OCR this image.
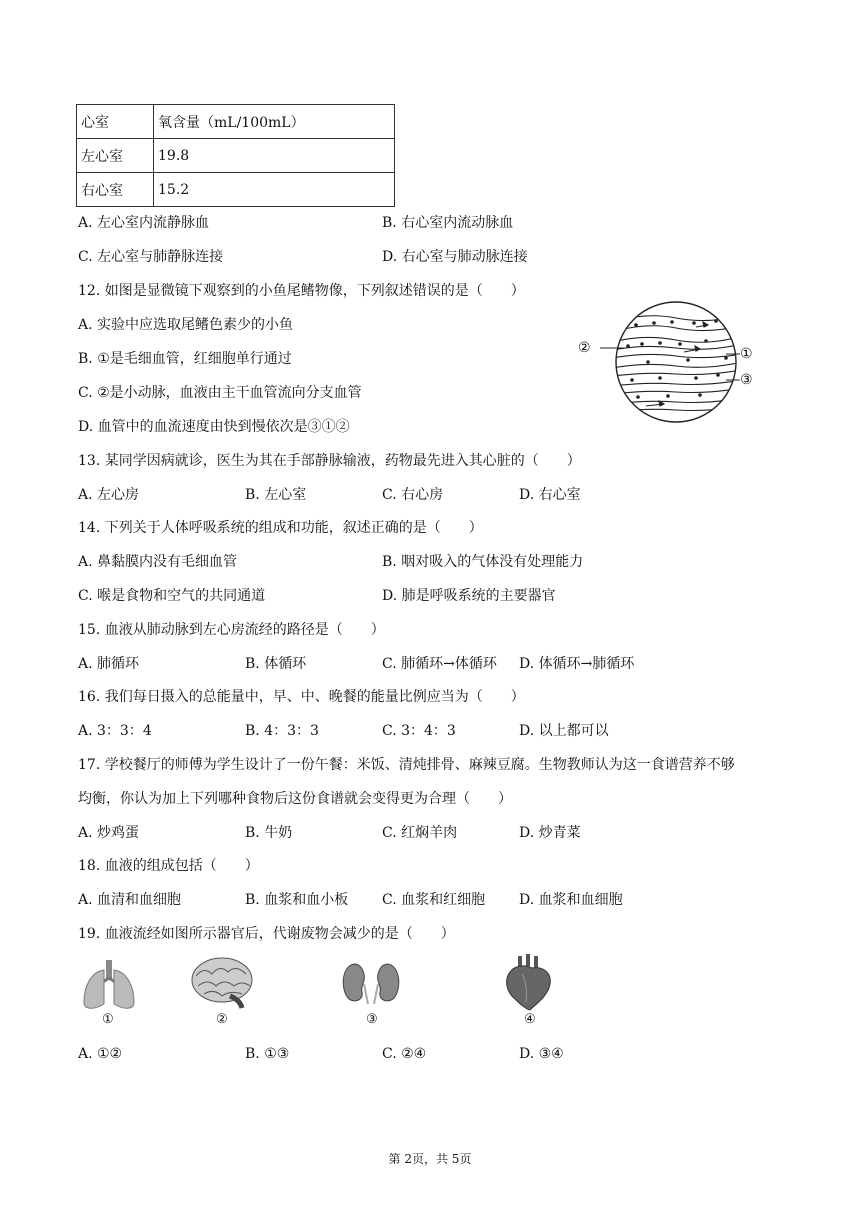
心室	氧含量（mL/100mL）
左心室	19.8
右心室	15.2
A. 左心室内流静脉血	B. 右心室内流动脉血
C. 左心室与肺静脉连接	D. 右心室与肺动脉连接
12. 如图是显微镜下观察到的小鱼尾鳍物像，下列叙述错误的是（　　）
A. 实验中应选取尾鳍色素少的小鱼
B. ①是毛细血管，红细胞单行通过
C. ②是小动脉，血液由主干血管流向分支血管
D. 血管中的血流速度由快到慢依次是③①②
②	①
③
13. 某同学因病就诊，医生为其在手部静脉输液，药物最先进入其心脏的（　　）
A. 左心房	B. 左心室	C. 右心房	D. 右心室
14. 下列关于人体呼吸系统的组成和功能，叙述正确的是（　　）
A. 鼻黏膜内没有毛细血管	B. 咽对吸入的气体没有处理能力
C. 喉是食物和空气的共同通道	D. 肺是呼吸系统的主要器官
15. 血液从肺动脉到左心房流经的路径是（　　）
A. 肺循环	B. 体循环	C. 肺循环→体循环 D. 体循环→肺循环
16. 我们每日摄入的总能量中，早、中、晚餐的能量比例应当为（　　）
A. 3：3：4	B. 4：3：3	C. 3：4：3	D. 以上都可以
17. 学校餐厅的师傅为学生设计了一份午餐：米饭、清炖排骨、麻辣豆腐。生物教师认为这一食谱营养不够
均衡，你认为加上下列哪种食物后这份食谱就会变得更为合理（　　）
A. 炒鸡蛋	B. 牛奶	C. 红焖羊肉	D. 炒青菜
18. 血液的组成包括（　　）
A. 血清和血细胞	B. 血浆和血小板 C. 血浆和红细胞 D. 血浆和血细胞
19. 血液流经如图所示器官后，代谢废物会减少的是（　　）
①	②	③	④
A. ①②	B. ①③	C. ②④	D. ③④
第 2页，共 5页
